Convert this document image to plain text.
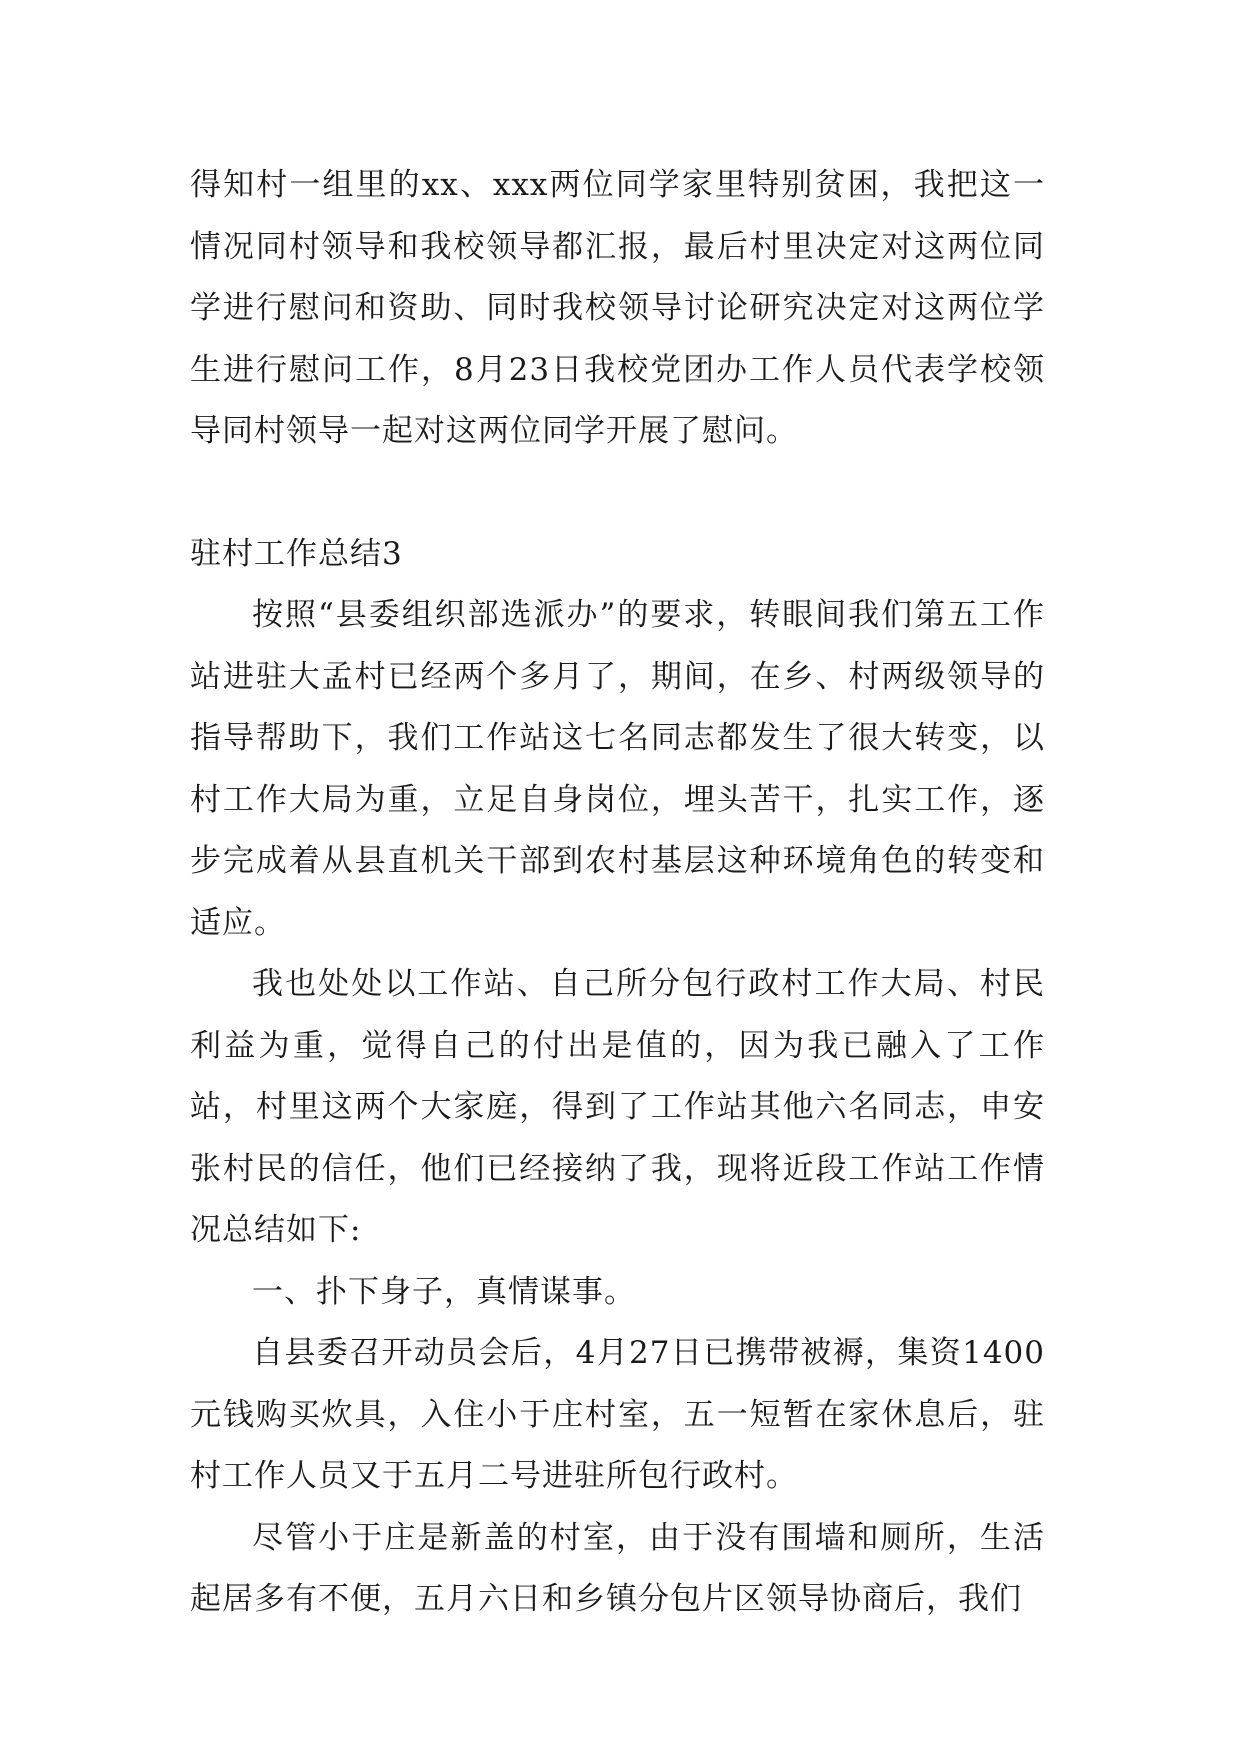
得知村一组里的xx、xxx两位同学家里特别贫困，我把这一情况同村领导和我校领导都汇报，最后村里决定对这两位同学进行慰问和资助、同时我校领导讨论研究决定对这两位学生进行慰问工作，8月23日我校党团办工作人员代表学校领导同村领导一起对这两位同学开展了慰问。

驻村工作总结3

按照“县委组织部选派办”的要求，转眼间我们第五工作站进驻大孟村已经两个多月了，期间，在乡、村两级领导的指导帮助下，我们工作站这七名同志都发生了很大转变，以村工作大局为重，立足自身岗位，埋头苦干，扎实工作，逐步完成着从县直机关干部到农村基层这种环境角色的转变和适应。

我也处处以工作站、自己所分包行政村工作大局、村民利益为重，觉得自己的付出是值的，因为我已融入了工作站，村里这两个大家庭，得到了工作站其他六名同志，申安张村民的信任，他们已经接纳了我，现将近段工作站工作情况总结如下:

一、扑下身子，真情谋事。

自县委召开动员会后，4月27日已携带被褥，集资1400元钱购买炊具，入住小于庄村室，五一短暂在家休息后，驻村工作人员又于五月二号进驻所包行政村。

尽管小于庄是新盖的村室，由于没有围墙和厕所，生活起居多有不便，五月六日和乡镇分包片区领导协商后，我们
